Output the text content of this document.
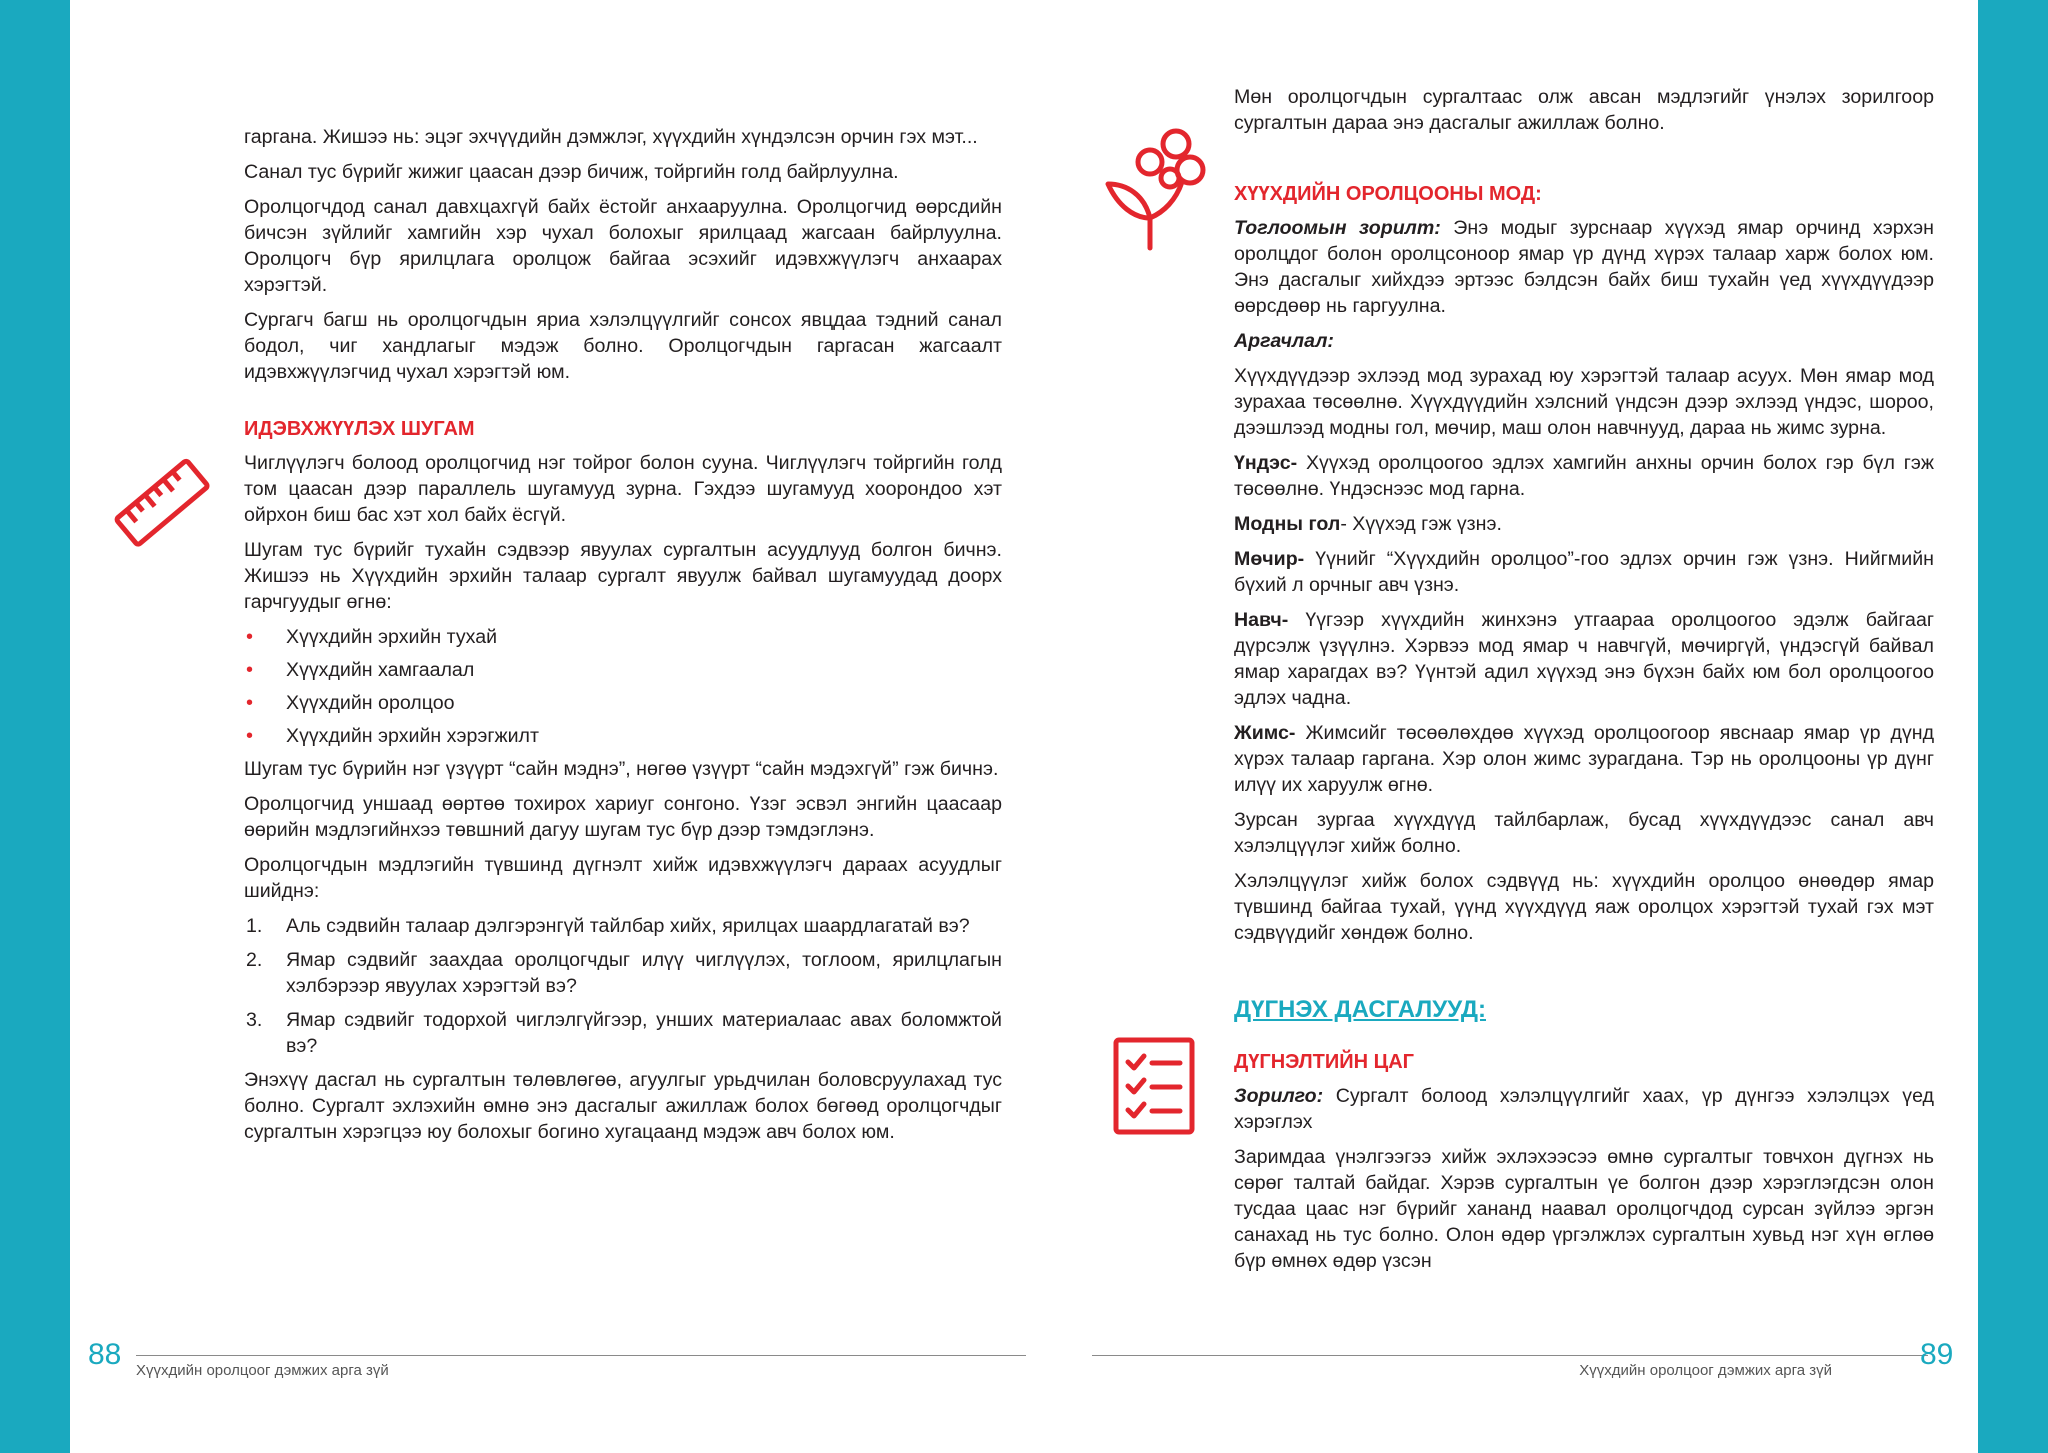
гаргана. Жишээ нь: эцэг эхчүүдийн дэмжлэг, хүүхдийн хүндэлсэн орчин гэх мэт...

Санал тус бүрийг жижиг цаасан дээр бичиж, тойргийн голд байрлуулна.

Оролцогчдод санал давхцахгүй байх ёстойг анхааруулна. Оролцогчид өөрсдийн бичсэн зүйлийг хамгийн хэр чухал болохыг ярилцаад жагсаан байрлуулна. Оролцогч бүр ярилцлага оролцож байгаа эсэхийг идэвхжүүлэгч анхаарах хэрэгтэй.

Сургагч багш нь оролцогчдын яриа хэлэлцүүлгийг сонсох явцдаа тэдний санал бодол, чиг хандлагыг мэдэж болно. Оролцогчдын гаргасан жагсаалт идэвхжүүлэгчид чухал хэрэгтэй юм.

ИДЭВХЖҮҮЛЭХ ШУГАМ

Чиглүүлэгч болоод оролцогчид нэг тойрог болон сууна. Чиглүүлэгч тойргийн голд том цаасан дээр параллель шугамууд зурна. Гэхдээ шугамууд хоорондоо хэт ойрхон биш бас хэт хол байх ёсгүй.

Шугам тус бүрийг тухайн сэдвээр явуулах сургалтын асуудлууд болгон бичнэ. Жишээ нь Хүүхдийн эрхийн талаар сургалт явуулж байвал шугамуудад доорх гарчгуудыг өгнө:

• Хүүхдийн эрхийн тухай
• Хүүхдийн хамгаалал
• Хүүхдийн оролцоо
• Хүүхдийн эрхийн хэрэгжилт

Шугам тус бүрийн нэг үзүүрт “сайн мэднэ”, нөгөө үзүүрт “сайн мэдэхгүй” гэж бичнэ.

Оролцогчид уншаад өөртөө тохирох хариуг сонгоно. Үзэг эсвэл энгийн цаасаар өөрийн мэдлэгийнхээ төвшний дагуу шугам тус бүр дээр тэмдэглэнэ.

Оролцогчдын мэдлэгийн түвшинд дүгнэлт хийж идэвхжүүлэгч дараах асуудлыг шийднэ:

1. Аль сэдвийн талаар дэлгэрэнгүй тайлбар хийх, ярилцах шаардлагатай вэ?
2. Ямар сэдвийг заахдаа оролцогчдыг илүү чиглүүлэх, тоглоом, ярилцлагын хэлбэрээр явуулах хэрэгтэй вэ?
3. Ямар сэдвийг тодорхой чиглэлгүйгээр, унших материалаас авах боломжтой вэ?

Энэхүү дасгал нь сургалтын төлөвлөгөө, агуулгыг урьдчилан боловсруулахад тус болно. Сургалт эхлэхийн өмнө энэ дасгалыг ажиллаж болох бөгөөд оролцогчдыг сургалтын хэрэгцээ юу болохыг богино хугацаанд мэдэж авч болох юм.

88 Хүүхдийн оролцоог дэмжих арга зүй

Мөн оролцогчдын сургалтаас олж авсан мэдлэгийг үнэлэх зорилгоор сургалтын дараа энэ дасгалыг ажиллаж болно.

ХҮҮХДИЙН ОРОЛЦООНЫ МОД:

Тоглоомын зорилт: Энэ модыг зурснаар хүүхэд ямар орчинд хэрхэн оролцдог болон оролцсоноор ямар үр дүнд хүрэх талаар харж болох юм. Энэ дасгалыг хийхдээ эртээс бэлдсэн байх биш тухайн үед хүүхдүүдээр өөрсдөөр нь гаргуулна.

Аргачлал:

Хүүхдүүдээр эхлээд мод зурахад юу хэрэгтэй талаар асуух. Мөн ямар мод зурахаа төсөөлнө. Хүүхдүүдийн хэлсний үндсэн дээр эхлээд үндэс, шороо, дээшлээд модны гол, мөчир, маш олон навчнууд, дараа нь жимс зурна.

Үндэс- Хүүхэд оролцоогоо эдлэх хамгийн анхны орчин болох гэр бүл гэж төсөөлнө. Үндэснээс мод гарна.

Модны гол- Хүүхэд гэж үзнэ.

Мөчир- Үүнийг “Хүүхдийн оролцоо”-гоо эдлэх орчин гэж үзнэ. Нийгмийн бүхий л орчныг авч үзнэ.

Навч- Үүгээр хүүхдийн жинхэнэ утгаараа оролцоогоо эдэлж байгааг дүрсэлж үзүүлнэ. Хэрвээ мод ямар ч навчгүй, мөчиргүй, үндэсгүй байвал ямар харагдах вэ? Үүнтэй адил хүүхэд энэ бүхэн байх юм бол оролцоогоо эдлэх чадна.

Жимс- Жимсийг төсөөлөхдөө хүүхэд оролцоогоор явснаар ямар үр дүнд хүрэх талаар гаргана. Хэр олон жимс зурагдана. Тэр нь оролцооны үр дүнг илүү их харуулж өгнө.

Зурсан зургаа хүүхдүүд тайлбарлаж, бусад хүүхдүүдээс санал авч хэлэлцүүлэг хийж болно.

Хэлэлцүүлэг хийж болох сэдвүүд нь: хүүхдийн оролцоо өнөөдөр ямар түвшинд байгаа тухай, үүнд хүүхдүүд яаж оролцох хэрэгтэй тухай гэх мэт сэдвүүдийг хөндөж болно.

ДҮГНЭХ ДАСГАЛУУД:
ДҮГНЭЛТИЙН ЦАГ

Зорилго: Сургалт болоод хэлэлцүүлгийг хаах, үр дүнгээ хэлэлцэх үед хэрэглэх

Заримдаа үнэлгээгээ хийж эхлэхээсээ өмнө сургалтыг товчхон дүгнэх нь сөрөг талтай байдаг. Хэрэв сургалтын үе болгон дээр хэрэглэгдсэн олон тусдаа цаас нэг бүрийг хананд наавал оролцогчдод сурсан зүйлээ эргэн санахад нь тус болно. Олон өдөр үргэлжлэх сургалтын хувьд нэг хүн өглөө бүр өмнөх өдөр үзсэн

Хүүхдийн оролцоог дэмжих арга зүй	89
